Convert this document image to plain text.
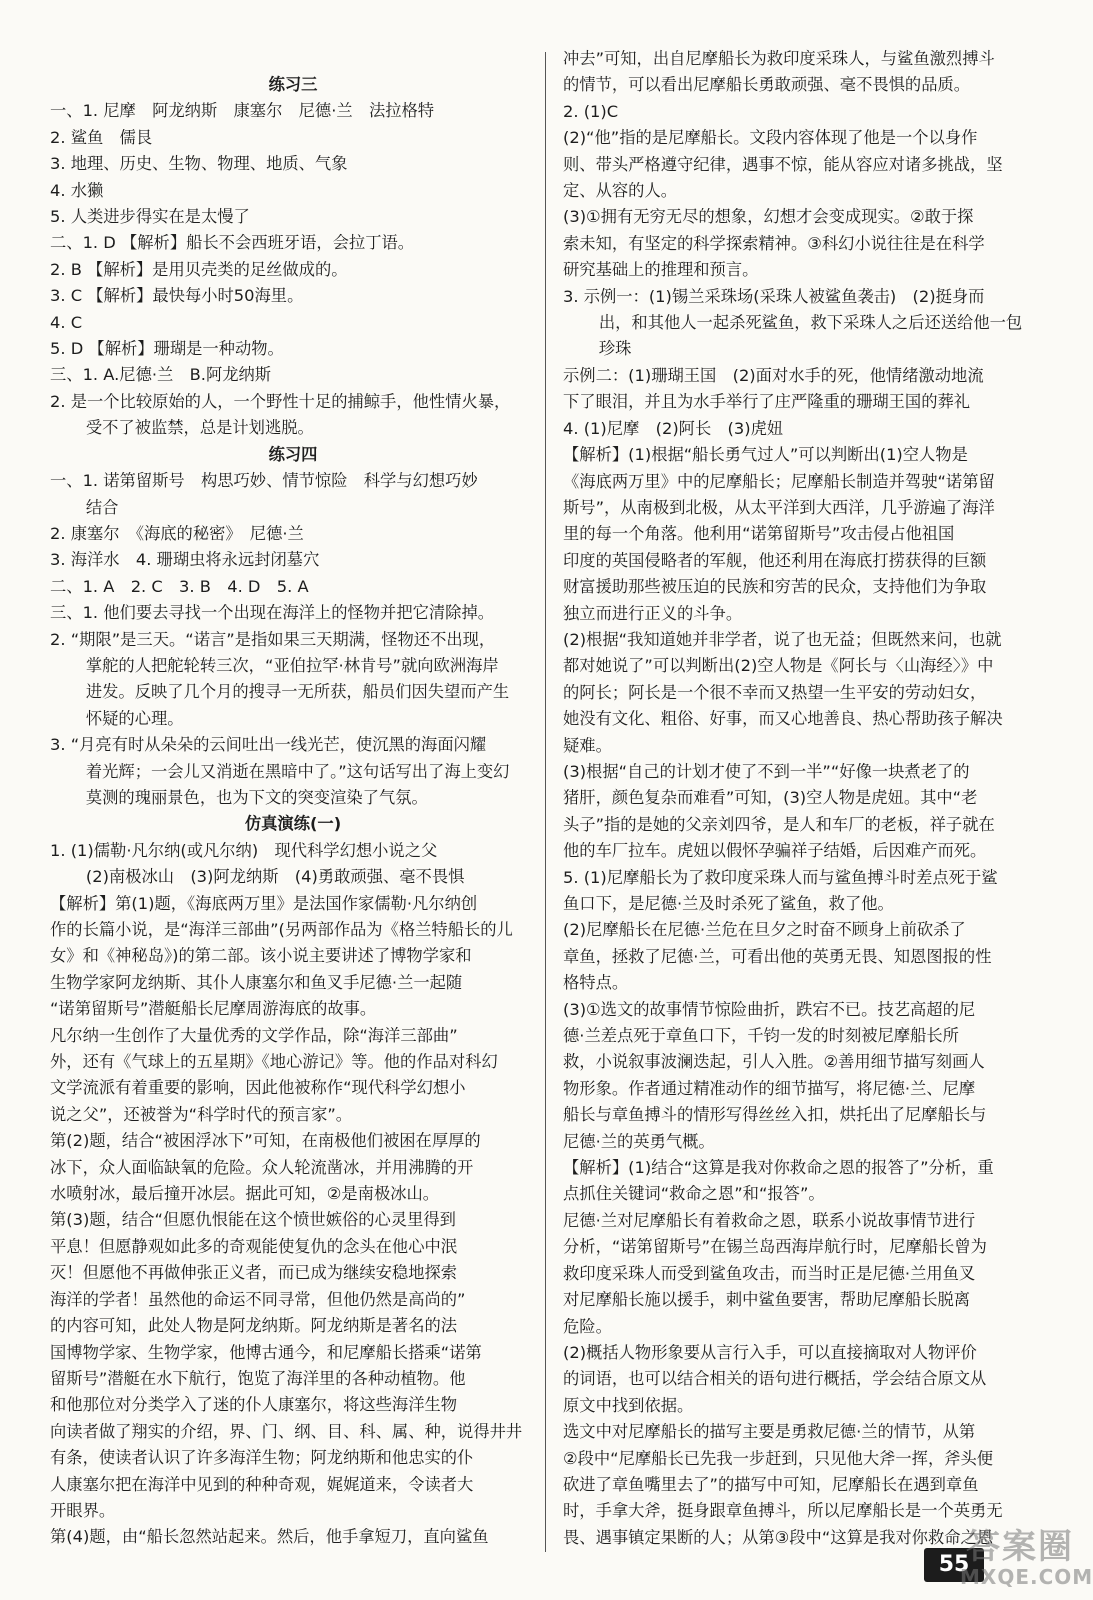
练习三
一、1. 尼摩　阿龙纳斯　康塞尔　尼德·兰　法拉格特
2. 鲨鱼　儒艮
3. 地理、历史、生物、物理、地质、气象
4. 水獭
5. 人类进步得实在是太慢了
二、1. D 【解析】船长不会西班牙语，会拉丁语。
2. B 【解析】是用贝壳类的足丝做成的。
3. C 【解析】最快每小时50海里。
4. C
5. D 【解析】珊瑚是一种动物。
三、1. A.尼德·兰　B.阿龙纳斯
2. 是一个比较原始的人，一个野性十足的捕鲸手，他性情火暴，
受不了被监禁，总是计划逃脱。
练习四
一、1. 诺第留斯号　构思巧妙、情节惊险　科学与幻想巧妙
结合
2. 康塞尔　《海底的秘密》　尼德·兰
3. 海洋水　4. 珊瑚虫将永远封闭墓穴
二、1. A　2. C　3. B　4. D　5. A
三、1. 他们要去寻找一个出现在海洋上的怪物并把它清除掉。
2. “期限”是三天。“诺言”是指如果三天期满，怪物还不出现，
掌舵的人把舵轮转三次，“亚伯拉罕·林肯号”就向欧洲海岸
进发。反映了几个月的搜寻一无所获，船员们因失望而产生
怀疑的心理。
3. “月亮有时从朵朵的云间吐出一线光芒，使沉黑的海面闪耀
着光辉；一会儿又消逝在黑暗中了。”这句话写出了海上变幻
莫测的瑰丽景色，也为下文的突变渲染了气氛。
仿真演练(一)
1. (1)儒勒·凡尔纳(或凡尔纳)　现代科学幻想小说之父
(2)南极冰山　(3)阿龙纳斯　(4)勇敢顽强、毫不畏惧
【解析】第(1)题，《海底两万里》是法国作家儒勒·凡尔纳创
作的长篇小说，是“海洋三部曲”(另两部作品为《格兰特船长的儿
女》和《神秘岛》)的第二部。该小说主要讲述了博物学家和
生物学家阿龙纳斯、其仆人康塞尔和鱼叉手尼德·兰一起随
“诺第留斯号”潜艇船长尼摩周游海底的故事。
凡尔纳一生创作了大量优秀的文学作品，除“海洋三部曲”
外，还有《气球上的五星期》《地心游记》等。他的作品对科幻
文学流派有着重要的影响，因此他被称作“现代科学幻想小
说之父”，还被誉为“科学时代的预言家”。
第(2)题，结合“被困浮冰下”可知，在南极他们被困在厚厚的
冰下，众人面临缺氧的危险。众人轮流凿冰，并用沸腾的开
水喷射冰，最后撞开冰层。据此可知，②是南极冰山。
第(3)题，结合“但愿仇恨能在这个愤世嫉俗的心灵里得到
平息！但愿静观如此多的奇观能使复仇的念头在他心中泯
灭！但愿他不再做伸张正义者，而已成为继续安稳地探索
海洋的学者！虽然他的命运不同寻常，但他仍然是高尚的”
的内容可知，此处人物是阿龙纳斯。阿龙纳斯是著名的法
国博物学家、生物学家，他博古通今，和尼摩船长搭乘“诺第
留斯号”潜艇在水下航行，饱览了海洋里的各种动植物。他
和他那位对分类学入了迷的仆人康塞尔，将这些海洋生物
向读者做了翔实的介绍，界、门、纲、目、科、属、种，说得井井
有条，使读者认识了许多海洋生物；阿龙纳斯和他忠实的仆
人康塞尔把在海洋中见到的种种奇观，娓娓道来，令读者大
开眼界。
第(4)题，由“船长忽然站起来。然后，他手拿短刀，直向鲨鱼
冲去”可知，出自尼摩船长为救印度采珠人，与鲨鱼激烈搏斗
的情节，可以看出尼摩船长勇敢顽强、毫不畏惧的品质。
2. (1)C
(2)“他”指的是尼摩船长。文段内容体现了他是一个以身作
则、带头严格遵守纪律，遇事不惊，能从容应对诸多挑战，坚
定、从容的人。
(3)①拥有无穷无尽的想象，幻想才会变成现实。②敢于探
索未知，有坚定的科学探索精神。③科幻小说往往是在科学
研究基础上的推理和预言。
3. 示例一：(1)锡兰采珠场(采珠人被鲨鱼袭击)　(2)挺身而
出，和其他人一起杀死鲨鱼，救下采珠人之后还送给他一包
珍珠
示例二：(1)珊瑚王国　(2)面对水手的死，他情绪激动地流
下了眼泪，并且为水手举行了庄严隆重的珊瑚王国的葬礼
4. (1)尼摩　(2)阿长　(3)虎妞
【解析】(1)根据“船长勇气过人”可以判断出(1)空人物是
《海底两万里》中的尼摩船长；尼摩船长制造并驾驶“诺第留
斯号”，从南极到北极，从太平洋到大西洋，几乎游遍了海洋
里的每一个角落。他利用“诺第留斯号”攻击侵占他祖国
印度的英国侵略者的军舰，他还利用在海底打捞获得的巨额
财富援助那些被压迫的民族和穷苦的民众，支持他们为争取
独立而进行正义的斗争。
(2)根据“我知道她并非学者，说了也无益；但既然来问，也就
都对她说了”可以判断出(2)空人物是《阿长与〈山海经〉》中
的阿长；阿长是一个很不幸而又热望一生平安的劳动妇女，
她没有文化、粗俗、好事，而又心地善良、热心帮助孩子解决
疑难。
(3)根据“自己的计划才使了不到一半”“好像一块煮老了的
猪肝，颜色复杂而难看”可知，(3)空人物是虎妞。其中“老
头子”指的是她的父亲刘四爷，是人和车厂的老板，祥子就在
他的车厂拉车。虎妞以假怀孕骗祥子结婚，后因难产而死。
5. (1)尼摩船长为了救印度采珠人而与鲨鱼搏斗时差点死于鲨
鱼口下，是尼德·兰及时杀死了鲨鱼，救了他。
(2)尼摩船长在尼德·兰危在旦夕之时奋不顾身上前砍杀了
章鱼，拯救了尼德·兰，可看出他的英勇无畏、知恩图报的性
格特点。
(3)①选文的故事情节惊险曲折，跌宕不已。技艺高超的尼
德·兰差点死于章鱼口下，千钧一发的时刻被尼摩船长所
救，小说叙事波澜迭起，引人入胜。②善用细节描写刻画人
物形象。作者通过精准动作的细节描写，将尼德·兰、尼摩
船长与章鱼搏斗的情形写得丝丝入扣，烘托出了尼摩船长与
尼德·兰的英勇气概。
【解析】(1)结合“这算是我对你救命之恩的报答了”分析，重
点抓住关键词“救命之恩”和“报答”。
尼德·兰对尼摩船长有着救命之恩，联系小说故事情节进行
分析，“诺第留斯号”在锡兰岛西海岸航行时，尼摩船长曾为
救印度采珠人而受到鲨鱼攻击，而当时正是尼德·兰用鱼叉
对尼摩船长施以援手，刺中鲨鱼要害，帮助尼摩船长脱离
危险。
(2)概括人物形象要从言行入手，可以直接摘取对人物评价
的词语，也可以结合相关的语句进行概括，学会结合原文从
原文中找到依据。
选文中对尼摩船长的描写主要是勇救尼德·兰的情节，从第
②段中“尼摩船长已先我一步赶到，只见他大斧一挥，斧头便
砍进了章鱼嘴里去了”的描写中可知，尼摩船长在遇到章鱼
时，手拿大斧，挺身跟章鱼搏斗，所以尼摩船长是一个英勇无
畏、遇事镇定果断的人；从第③段中“这算是我对你救命之恩
55
答案圈
MXQE.COM
